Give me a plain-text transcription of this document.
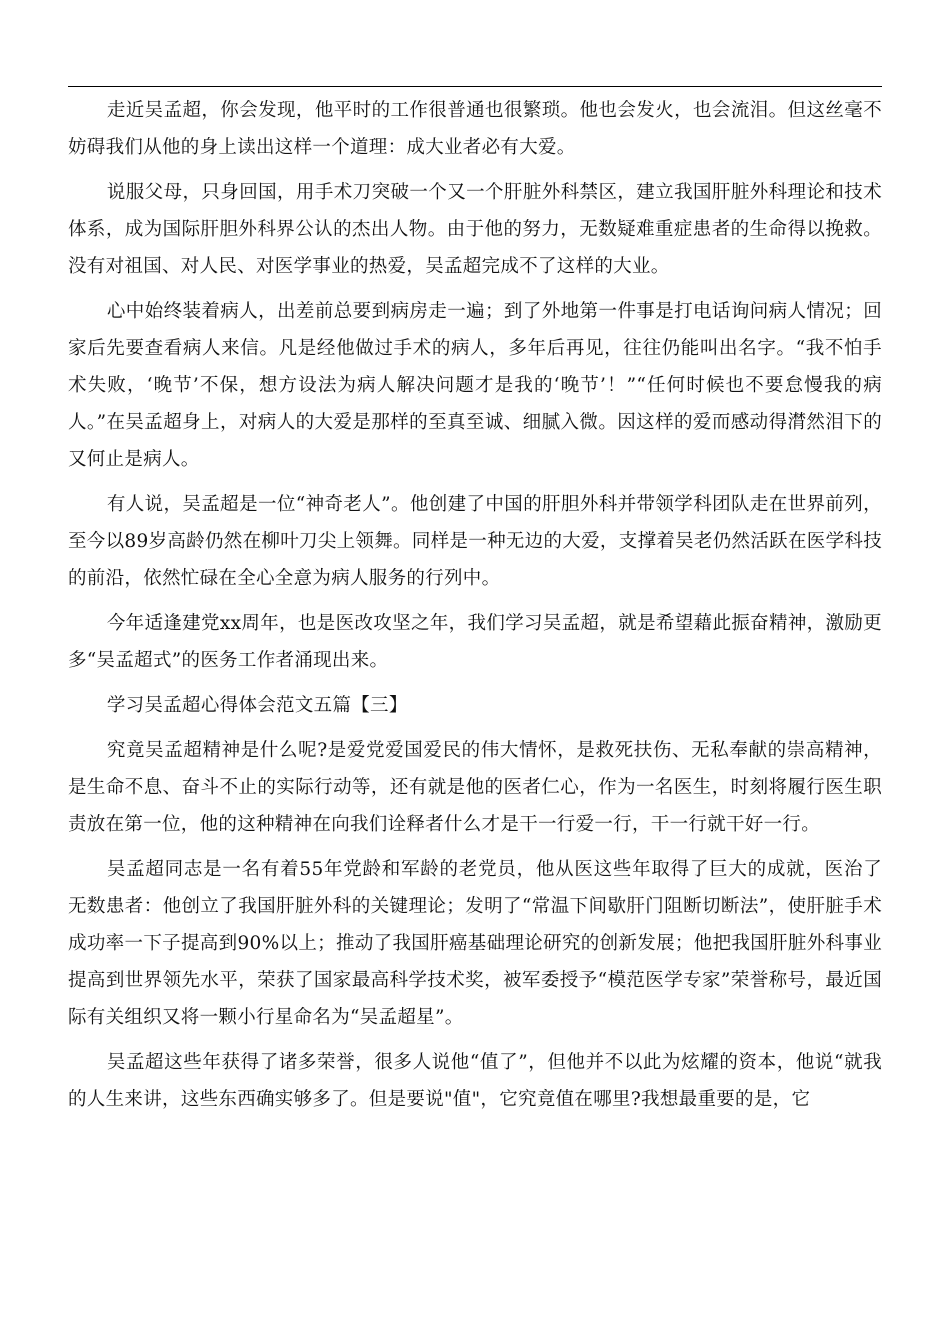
走近吴孟超，你会发现，他平时的工作很普通也很繁琐。他也会发火，也会流泪。但这丝毫不妨碍我们从他的身上读出这样一个道理：成大业者必有大爱。

说服父母，只身回国，用手术刀突破一个又一个肝脏外科禁区，建立我国肝脏外科理论和技术体系，成为国际肝胆外科界公认的杰出人物。由于他的努力，无数疑难重症患者的生命得以挽救。没有对祖国、对人民、对医学事业的热爱，吴孟超完成不了这样的大业。

心中始终装着病人，出差前总要到病房走一遍；到了外地第一件事是打电话询问病人情况；回家后先要查看病人来信。凡是经他做过手术的病人，多年后再见，往往仍能叫出名字。“我不怕手术失败，‘晚节’不保，想方设法为病人解决问题才是我的‘晚节’！”“任何时候也不要怠慢我的病人。”在吴孟超身上，对病人的大爱是那样的至真至诚、细腻入微。因这样的爱而感动得潸然泪下的又何止是病人。

有人说，吴孟超是一位“神奇老人”。他创建了中国的肝胆外科并带领学科团队走在世界前列，至今以89岁高龄仍然在柳叶刀尖上领舞。同样是一种无边的大爱，支撑着吴老仍然活跃在医学科技的前沿，依然忙碌在全心全意为病人服务的行列中。

今年适逢建党xx周年，也是医改攻坚之年，我们学习吴孟超，就是希望藉此振奋精神，激励更多“吴孟超式”的医务工作者涌现出来。

学习吴孟超心得体会范文五篇【三】

究竟吴孟超精神是什么呢?是爱党爱国爱民的伟大情怀，是救死扶伤、无私奉献的崇高精神，是生命不息、奋斗不止的实际行动等，还有就是他的医者仁心，作为一名医生，时刻将履行医生职责放在第一位，他的这种精神在向我们诠释者什么才是干一行爱一行，干一行就干好一行。

吴孟超同志是一名有着55年党龄和军龄的老党员，他从医这些年取得了巨大的成就，医治了无数患者：他创立了我国肝脏外科的关键理论；发明了“常温下间歇肝门阻断切断法”，使肝脏手术成功率一下子提高到90%以上；推动了我国肝癌基础理论研究的创新发展；他把我国肝脏外科事业提高到世界领先水平，荣获了国家最高科学技术奖，被军委授予“模范医学专家”荣誉称号，最近国际有关组织又将一颗小行星命名为“吴孟超星”。

吴孟超这些年获得了诸多荣誉，很多人说他“值了”，但他并不以此为炫耀的资本，他说“就我的人生来讲，这些东西确实够多了。但是要说"值"，它究竟值在哪里?我想最重要的是，它
